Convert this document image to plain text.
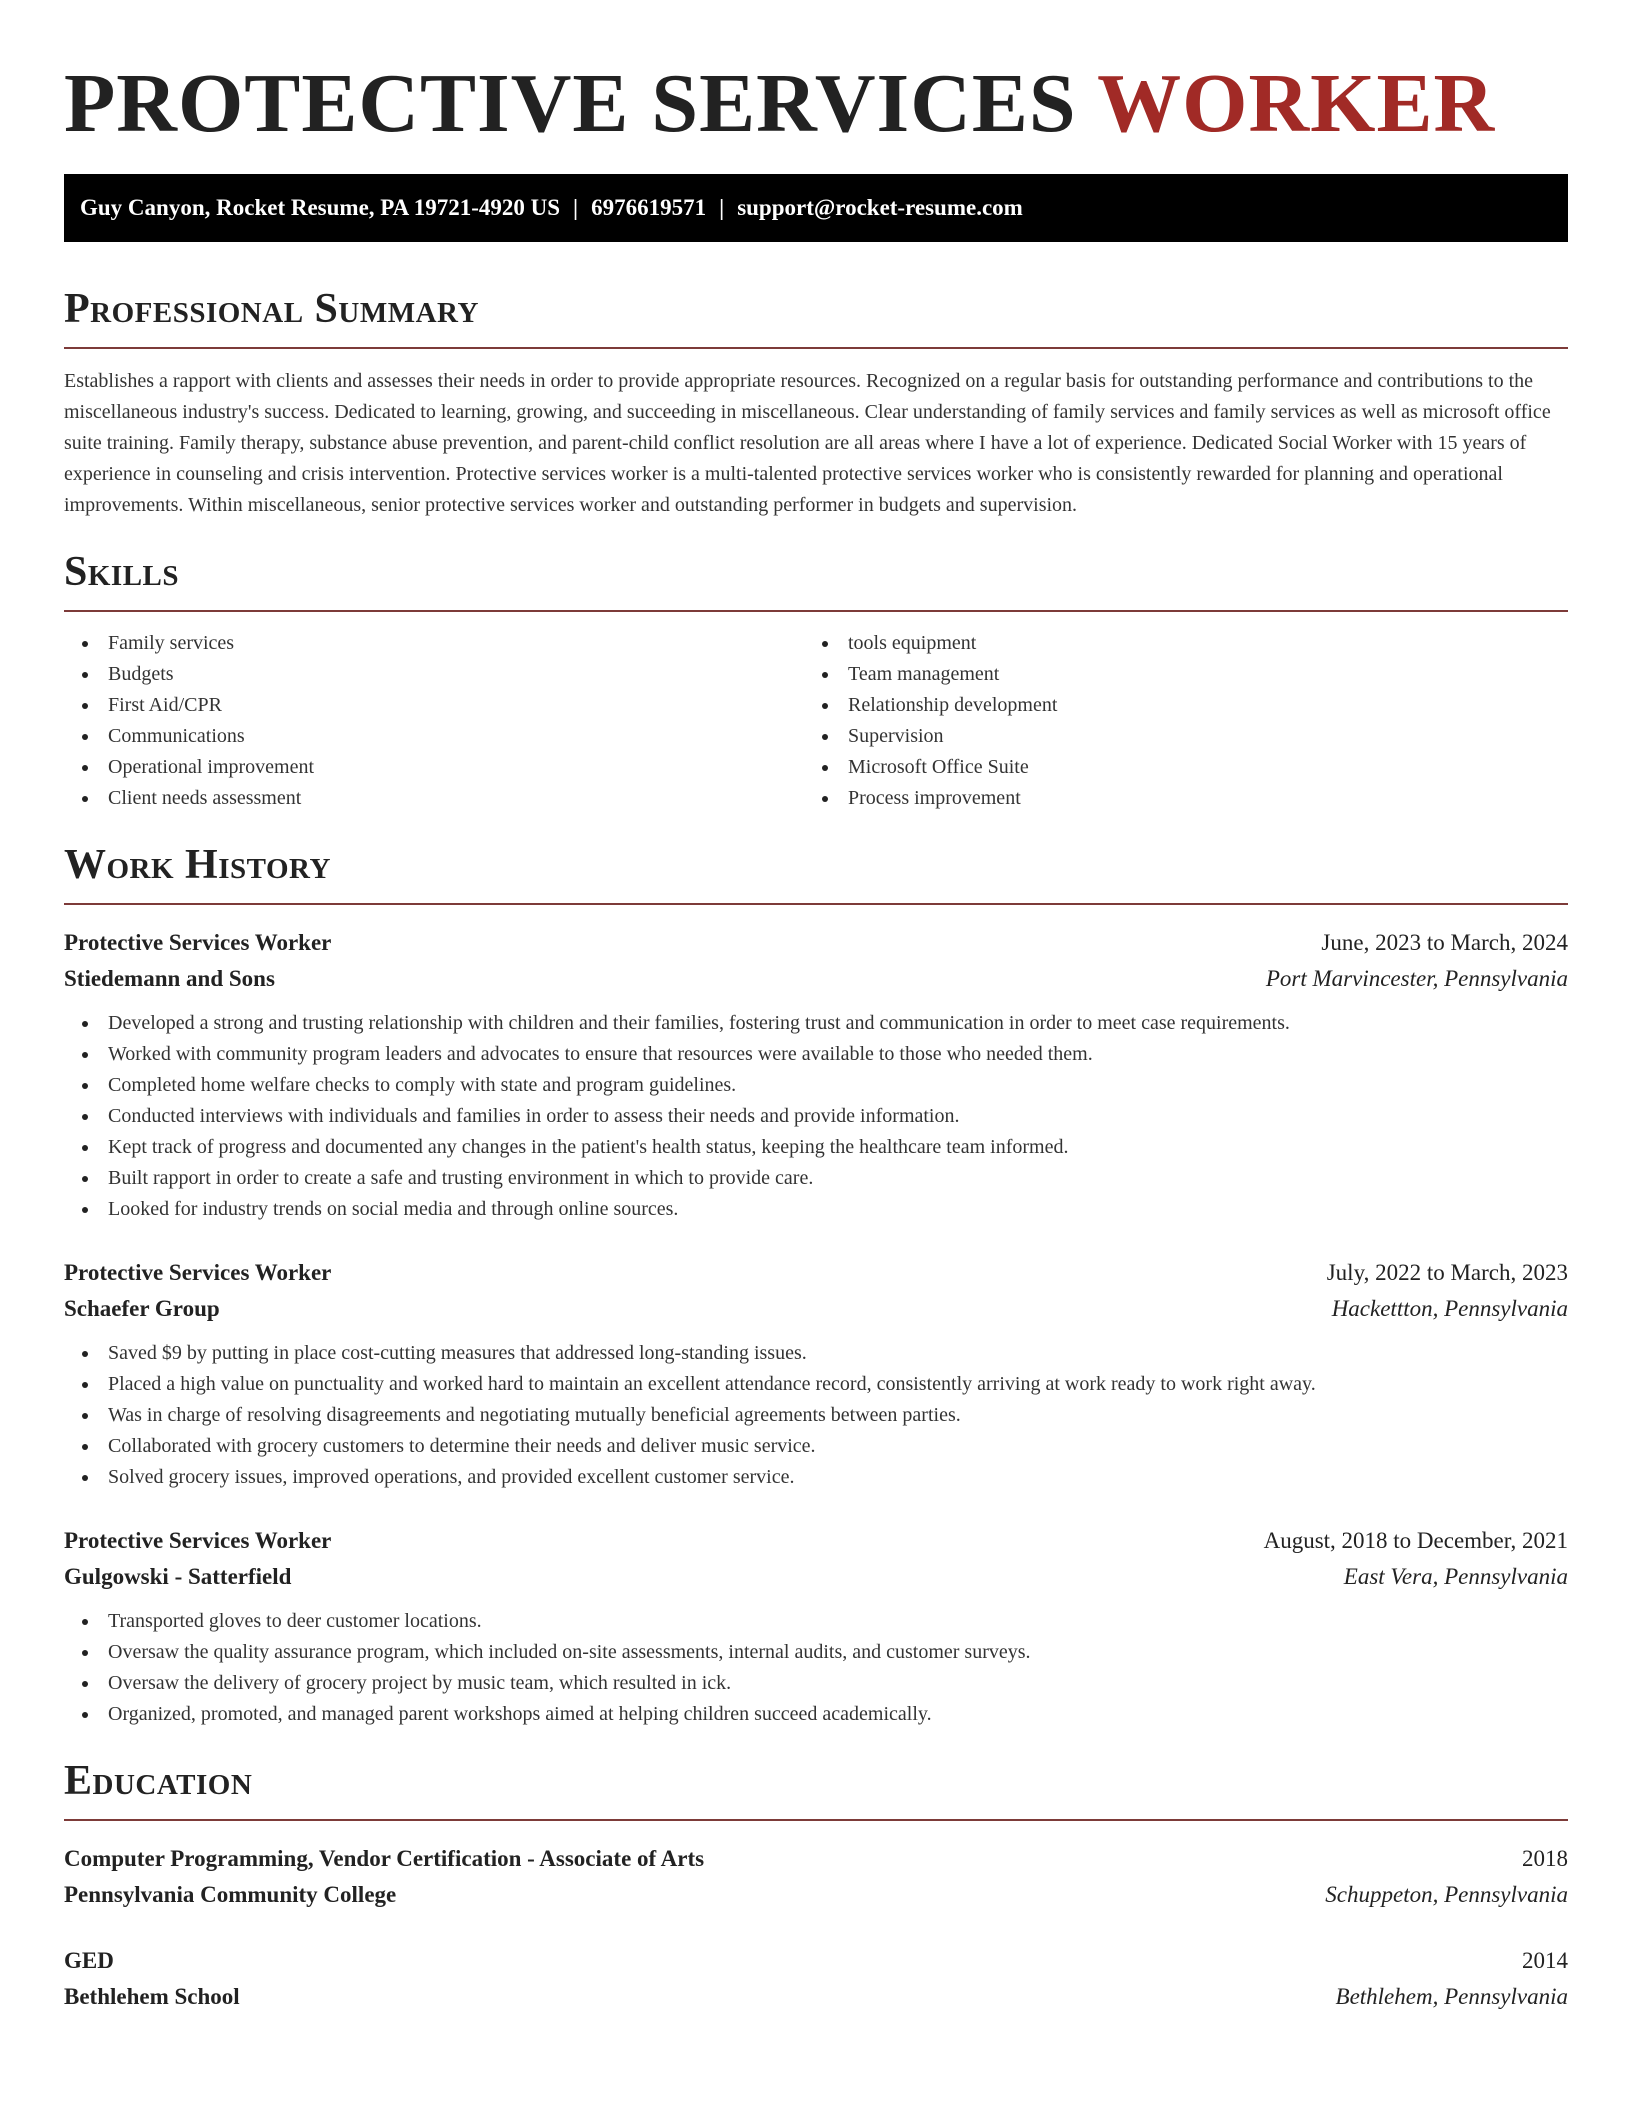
PROTECTIVE SERVICES WORKER
Guy Canyon, Rocket Resume, PA 19721-4920 US | 6976619571 | support@rocket-resume.com
Professional Summary

Establishes a rapport with clients and assesses their needs in order to provide appropriate resources. Recognized on a regular basis for outstanding performance and contributions to the miscellaneous industry's success. Dedicated to learning, growing, and succeeding in miscellaneous. Clear understanding of family services and family services as well as microsoft office suite training. Family therapy, substance abuse prevention, and parent-child conflict resolution are all areas where I have a lot of experience. Dedicated Social Worker with 15 years of experience in counseling and crisis intervention. Protective services worker is a multi-talented protective services worker who is consistently rewarded for planning and operational improvements. Within miscellaneous, senior protective services worker and outstanding performer in budgets and supervision.

Skills
Family services
Budgets
First Aid/CPR
Communications
Operational improvement
Client needs assessment
tools equipment
Team management
Relationship development
Supervision
Microsoft Office Suite
Process improvement
Work History
Protective Services Worker	June, 2023 to March, 2024
Stiedemann and Sons	Port Marvincester, Pennsylvania
Developed a strong and trusting relationship with children and their families, fostering trust and communication in order to meet case requirements.
Worked with community program leaders and advocates to ensure that resources were available to those who needed them.
Completed home welfare checks to comply with state and program guidelines.
Conducted interviews with individuals and families in order to assess their needs and provide information.
Kept track of progress and documented any changes in the patient's health status, keeping the healthcare team informed.
Built rapport in order to create a safe and trusting environment in which to provide care.
Looked for industry trends on social media and through online sources.
Protective Services Worker	July, 2022 to March, 2023
Schaefer Group	Hackettton, Pennsylvania
Saved $9 by putting in place cost-cutting measures that addressed long-standing issues.
Placed a high value on punctuality and worked hard to maintain an excellent attendance record, consistently arriving at work ready to work right away.
Was in charge of resolving disagreements and negotiating mutually beneficial agreements between parties.
Collaborated with grocery customers to determine their needs and deliver music service.
Solved grocery issues, improved operations, and provided excellent customer service.
Protective Services Worker	August, 2018 to December, 2021
Gulgowski - Satterfield	East Vera, Pennsylvania
Transported gloves to deer customer locations.
Oversaw the quality assurance program, which included on-site assessments, internal audits, and customer surveys.
Oversaw the delivery of grocery project by music team, which resulted in ick.
Organized, promoted, and managed parent workshops aimed at helping children succeed academically.
Education
Computer Programming, Vendor Certification - Associate of Arts	2018
Pennsylvania Community College	Schuppeton, Pennsylvania
GED	2014
Bethlehem School	Bethlehem, Pennsylvania
